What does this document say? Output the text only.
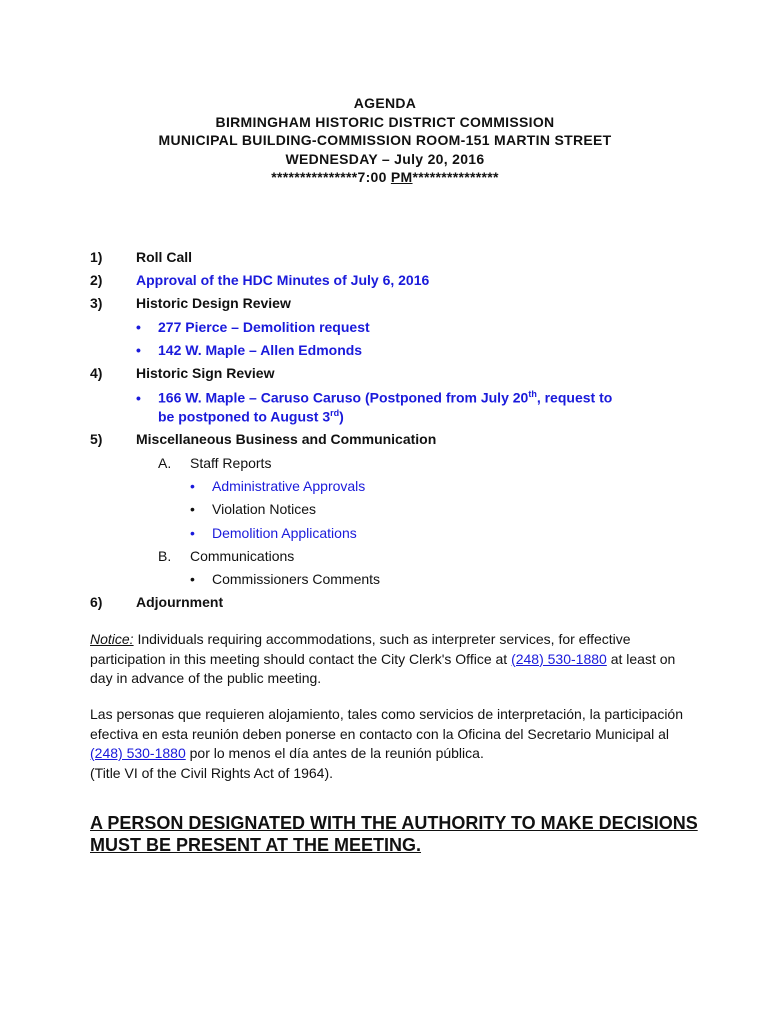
AGENDA
BIRMINGHAM HISTORIC DISTRICT COMMISSION
MUNICIPAL BUILDING-COMMISSION ROOM-151 MARTIN STREET
WEDNESDAY – July 20, 2016
***************7:00 PM***************
1) Roll Call
2) Approval of the HDC Minutes of July 6, 2016
3) Historic Design Review
• 277 Pierce – Demolition request
• 142 W. Maple – Allen Edmonds
4) Historic Sign Review
• 166 W. Maple – Caruso Caruso (Postponed from July 20th, request to
be postponed to August 3rd)
5) Miscellaneous Business and Communication
A. Staff Reports
• Administrative Approvals
• Violation Notices
• Demolition Applications
B. Communications
• Commissioners Comments
6) Adjournment
Notice: Individuals requiring accommodations, such as interpreter services, for effective participation in this meeting should contact the City Clerk's Office at (248) 530-1880 at least on day in advance of the public meeting.
Las personas que requieren alojamiento, tales como servicios de interpretación, la participación efectiva en esta reunión deben ponerse en contacto con la Oficina del Secretario Municipal al (248) 530-1880 por lo menos el día antes de la reunión pública.
(Title VI of the Civil Rights Act of 1964).
A PERSON DESIGNATED WITH THE AUTHORITY TO MAKE DECISIONS MUST BE PRESENT AT THE MEETING.
